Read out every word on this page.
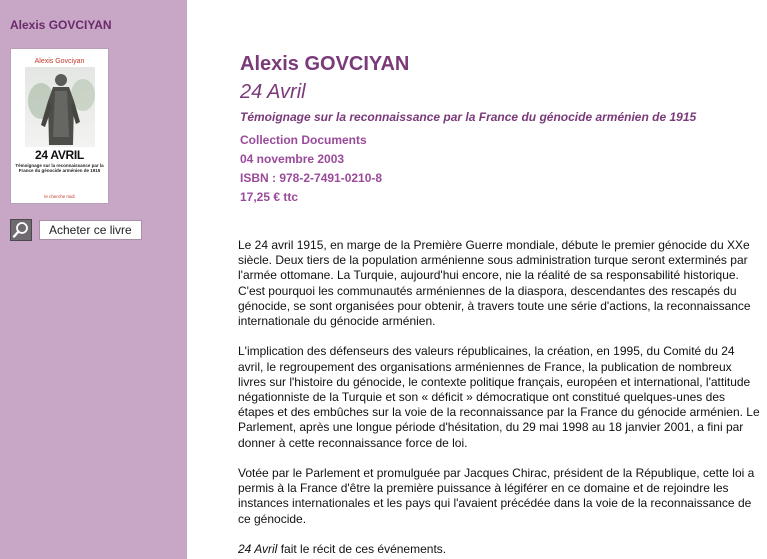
Alexis GOVCIYAN
Alexis Govciyan
24 AVRIL
Témoignage sur la reconnaissance par la France du génocide arménien de 1915
le cherche midi
Acheter ce livre
Alexis GOVCIYAN
24 Avril
Témoignage sur la reconnaissance par la France du génocide arménien de 1915
Collection Documents
04 novembre 2003
ISBN : 978-2-7491-0210-8
17,25 € ttc

Le 24 avril 1915, en marge de la Première Guerre mondiale, débute le premier génocide du XXe siècle. Deux tiers de la population arménienne sous administration turque seront exterminés par l'armée ottomane. La Turquie, aujourd'hui encore, nie la réalité de sa responsabilité historique. C'est pourquoi les communautés arméniennes de la diaspora, descendantes des rescapés du génocide, se sont organisées pour obtenir, à travers toute une série d'actions, la reconnaissance internationale du génocide arménien.

L'implication des défenseurs des valeurs républicaines, la création, en 1995, du Comité du 24 avril, le regroupement des organisations arméniennes de France, la publication de nombreux livres sur l'histoire du génocide, le contexte politique français, européen et international, l'attitude négationniste de la Turquie et son « déficit » démocratique ont constitué quelques-unes des étapes et des embûches sur la voie de la reconnaissance par la France du génocide arménien. Le Parlement, après une longue période d'hésitation, du 29 mai 1998 au 18 janvier 2001, a fini par donner à cette reconnaissance force de loi.

Votée par le Parlement et promulguée par Jacques Chirac, président de la République, cette loi a permis à la France d'être la première puissance à légiférer en ce domaine et de rejoindre les instances internationales et les pays qui l'avaient précédée dans la voie de la reconnaissance de ce génocide.

24 Avril fait le récit de ces événements.
